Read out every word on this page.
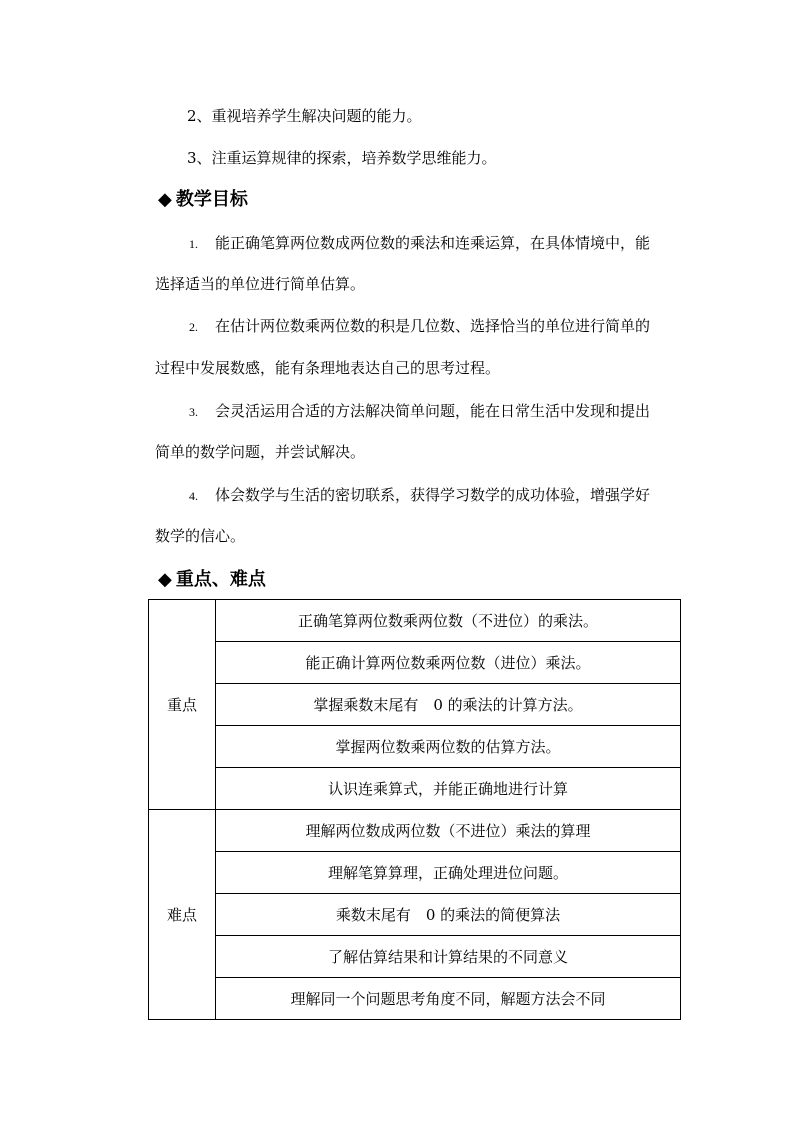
2、重视培养学生解决问题的能力。
3、注重运算规律的探索，培养数学思维能力。
◆ 教学目标
1. 能正确笔算两位数成两位数的乘法和连乘运算，在具体情境中，能
选择适当的单位进行简单估算。
2. 在估计两位数乘两位数的积是几位数、选择恰当的单位进行简单的
过程中发展数感，能有条理地表达自己的思考过程。
3. 会灵活运用合适的方法解决简单问题，能在日常生活中发现和提出
简单的数学问题，并尝试解决。
4. 体会数学与生活的密切联系，获得学习数学的成功体验，增强学好
数学的信心。
◆ 重点、难点
重点	正确笔算两位数乘两位数（不进位）的乘法。
	能正确计算两位数乘两位数（进位）乘法。
	掌握乘数末尾有　0 的乘法的计算方法。
	掌握两位数乘两位数的估算方法。
	认识连乘算式，并能正确地进行计算
难点	理解两位数成两位数（不进位）乘法的算理
	理解笔算算理，正确处理进位问题。
	乘数末尾有　0 的乘法的简便算法
	了解估算结果和计算结果的不同意义
	理解同一个问题思考角度不同，解题方法会不同
